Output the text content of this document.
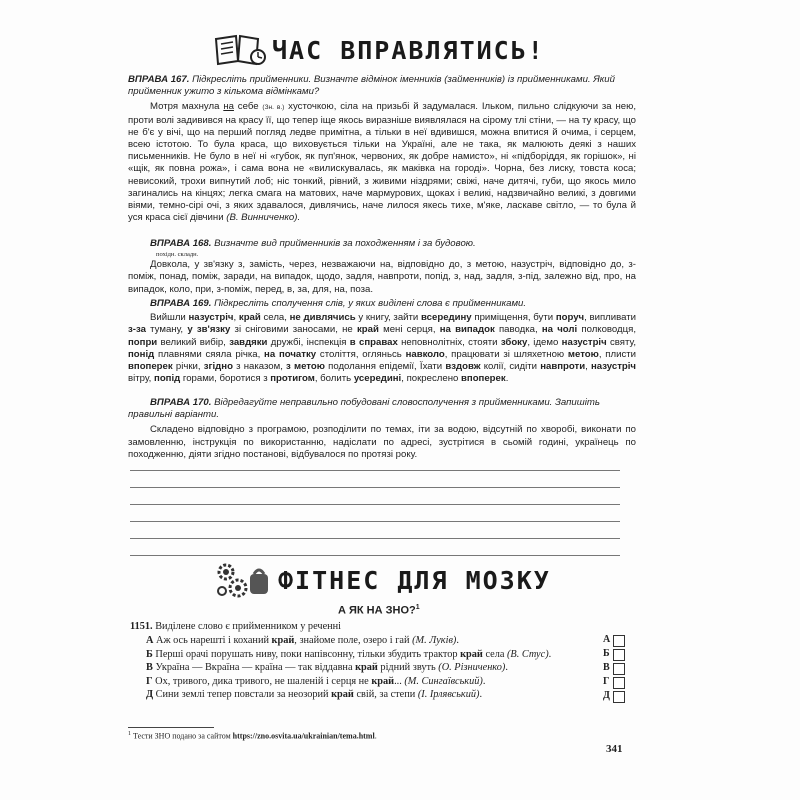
ЧАС ВПРАВЛЯТИСЬ!
ВПРАВА 167. Підкресліть прийменники. Визначте відмінок іменників (займенників) із прийменниками. Який прийменник ужито з кількома відмінками?

Мотря махнула на себе (Зн. в.) хусточкою, сіла на призьбі й задумалася. Ільком, пильно слідкуючи за нею, проти волі задивився на красу її, що тепер іще якось виразніше виявлялася на сірому тлі стіни, — на ту красу, що не б'є у вічі, що на перший погляд ледве примітна, а тільки в неї вдивишся, можна впитися й очима, і серцем, всею істотою. То була краса, що виховується тільки на Україні, але не така, як малюють деякі з наших письменників. Не було в неї ні «губок, як пуп'янок, червоних, як добре намисто», ні «підборіддя, як горішок», ні «щік, як повна рожа», і сама вона не «вилискувалась, як маківка на городі». Чорна, без лиску, товста коса; невисокий, трохи випнутий лоб; ніс тонкий, рівний, з живими ніздрями; свіжі, наче дитячі, губи, що якось мило загинались на кінцях; легка смага на матових, наче мармурових, щоках і великі, надзвичайно великі, з довгими віями, темно-сірі очі, з яких здавалося, дивлячись, наче лилося якесь тихе, м'яке, ласкаве світло, — то була й уся краса сієї дівчини (В. Винниченко).

ВПРАВА 168. Визначте вид прийменників за походженням і за будовою.
похідн. складн.

Довкола, у зв'язку з, замість, через, незважаючи на, відповідно до, з метою, назустріч, відповідно до, з-поміж, понад, поміж, заради, на випадок, щодо, задля, навпроти, попід, з, над, задля, з-під, залежно від, про, на випадок, коло, при, з-поміж, перед, в, за, для, на, поза.

ВПРАВА 169. Підкресліть сполучення слів, у яких виділені слова є прийменниками.

Вийшли назустріч, край села, не дивлячись у книгу, зайти всередину приміщення, бути поруч, випливати з-за туману, у зв'язку зі сніговими заносами, не край мені серця, на випадок паводка, на чолі полководця, попри великий вибір, завдяки дружбі, інспекція в справах неповнолітніх, стояти збоку, ідемо назустріч святу, понід плавнями сяяла річка, на початку століття, огляньсь навколо, працювати зі шляхетною метою, плисти впоперек річки, згідно з наказом, з метою подолання епідемії, Їхати вздовж колії, сидіти навпроти, назустріч вітру, попід горами, боротися з протигом, болить усередині, покреслено впоперек.

ВПРАВА 170. Відредагуйте неправильно побудовані словосполучення з прийменниками. Запишіть правильні варіанти.

Складено відповідно з програмою, розподілити по темах, іти за водою, відсутній по хворобі, виконати по замовленню, інструкція по використанню, надіслати по адресі, зустрітися в сьомій годині, українець по походженню, діяти згідно постанові, відбувалося по протязі року.

ФІТНЕС ДЛЯ МОЗКУ
А ЯК НА ЗНО?$^1$
1151. Виділене слово є прийменником у реченні
А Аж ось нарешті і коханий край, знайоме поле, озеро і гай (М. Луків).
Б Перші орачі порушать ниву, поки напівсонну, тільки збудить трактор край села (В. Стус).
В Україна — Вкраїна — країна — так віддавна край рідний звуть (О. Різниченко).
Г Ох, тривого, дика тривого, не шаленій і серця не край... (М. Сингаївський).
Д Сини землі тепер повстали за неозорий край свій, за степи (І. Ірлявський).
А
Б
В
Г
Д
$^1$ Тести ЗНО подано за сайтом https://zno.osvita.ua/ukrainian/tema.html.
341
